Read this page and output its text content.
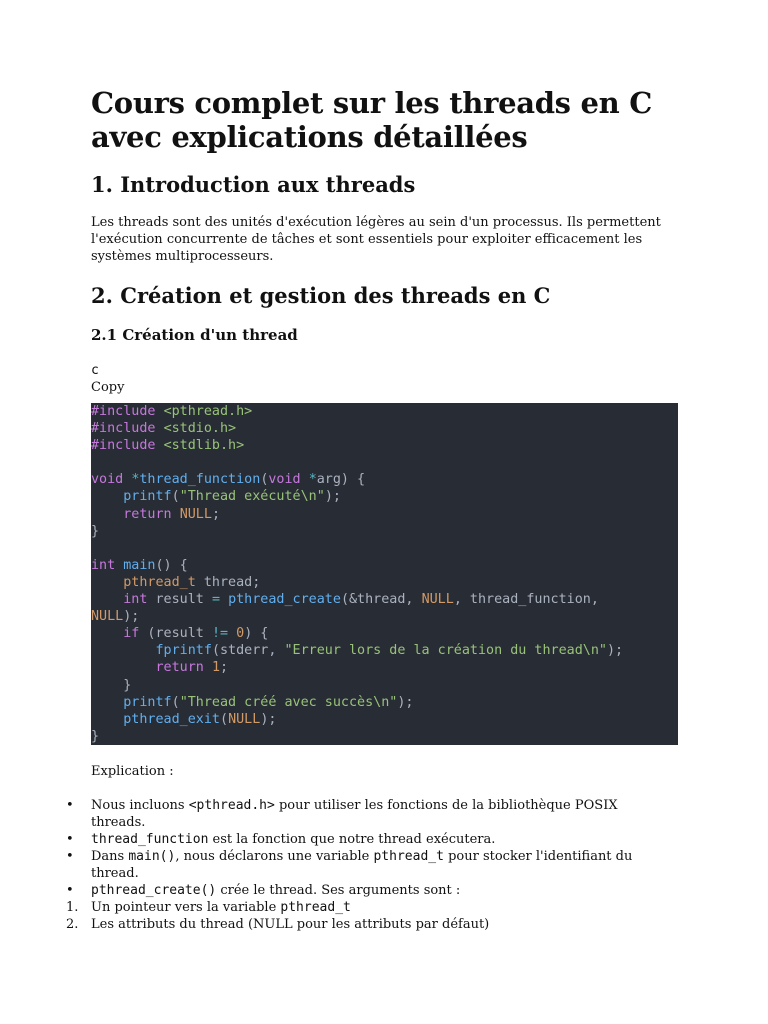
Cours complet sur les threads en C avec explications détaillées
1. Introduction aux threads

Les threads sont des unités d'exécution légères au sein d'un processus. Ils permettent l'exécution concurrente de tâches et sont essentiels pour exploiter efficacement les systèmes multiprocesseurs.

2. Création et gestion des threads en C
2.1 Création d'un thread
c
Copy
#include <pthread.h>
#include <stdio.h>
#include <stdlib.h>

void *thread_function(void *arg) {
printf("Thread exécuté\n");
return NULL;
}

int main() {
pthread_t thread;
int result = pthread_create(&thread, NULL, thread_function,
NULL);
if (result != 0) {
fprintf(stderr, "Erreur lors de la création du thread\n");
return 1;
}
printf("Thread créé avec succès\n");
pthread_exit(NULL);
}
Explication :
• Nous incluons <pthread.h> pour utiliser les fonctions de la bibliothèque POSIX threads.
• thread_function est la fonction que notre thread exécutera.
• Dans main(), nous déclarons une variable pthread_t pour stocker l'identifiant du thread.
• pthread_create() crée le thread. Ses arguments sont :
1. Un pointeur vers la variable pthread_t
2. Les attributs du thread (NULL pour les attributs par défaut)
